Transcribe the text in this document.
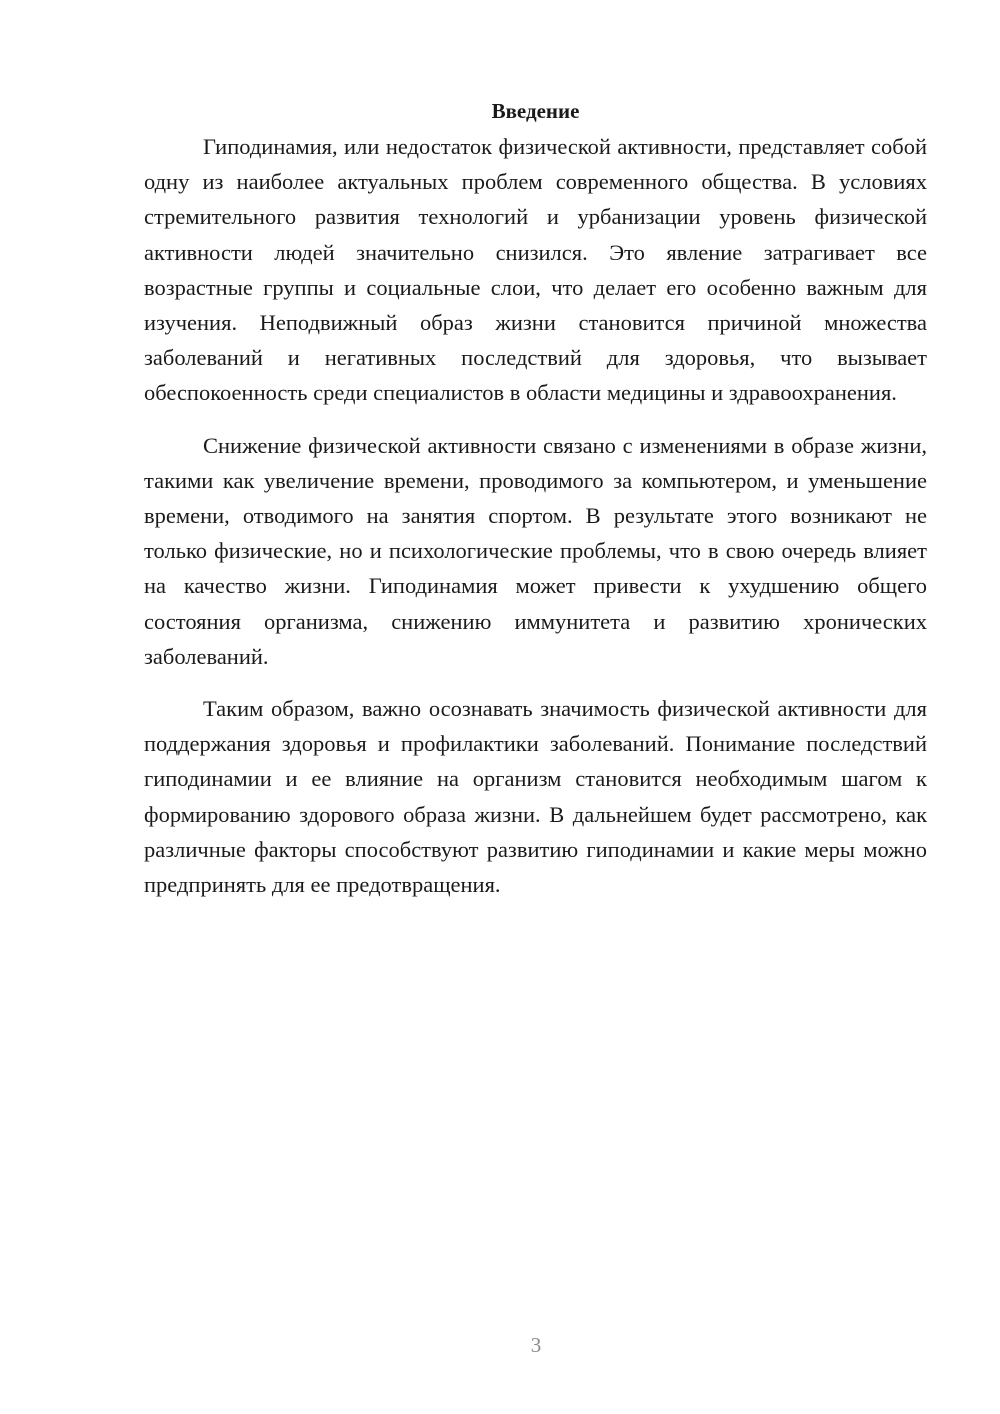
Введение

Гиподинамия, или недостаток физической активности, представляет собой одну из наиболее актуальных проблем современного общества. В условиях стремительного развития технологий и урбанизации уровень физической активности людей значительно снизился. Это явление затрагивает все возрастные группы и социальные слои, что делает его особенно важным для изучения. Неподвижный образ жизни становится причиной множества заболеваний и негативных последствий для здоровья, что вызывает обеспокоенность среди специалистов в области медицины и здравоохранения.

Снижение физической активности связано с изменениями в образе жизни, такими как увеличение времени, проводимого за компьютером, и уменьшение времени, отводимого на занятия спортом. В результате этого возникают не только физические, но и психологические проблемы, что в свою очередь влияет на качество жизни. Гиподинамия может привести к ухудшению общего состояния организма, снижению иммунитета и развитию хронических заболеваний.

Таким образом, важно осознавать значимость физической активности для поддержания здоровья и профилактики заболеваний. Понимание последствий гиподинамии и ее влияние на организм становится необходимым шагом к формированию здорового образа жизни. В дальнейшем будет рассмотрено, как различные факторы способствуют развитию гиподинамии и какие меры можно предпринять для ее предотвращения.

3
